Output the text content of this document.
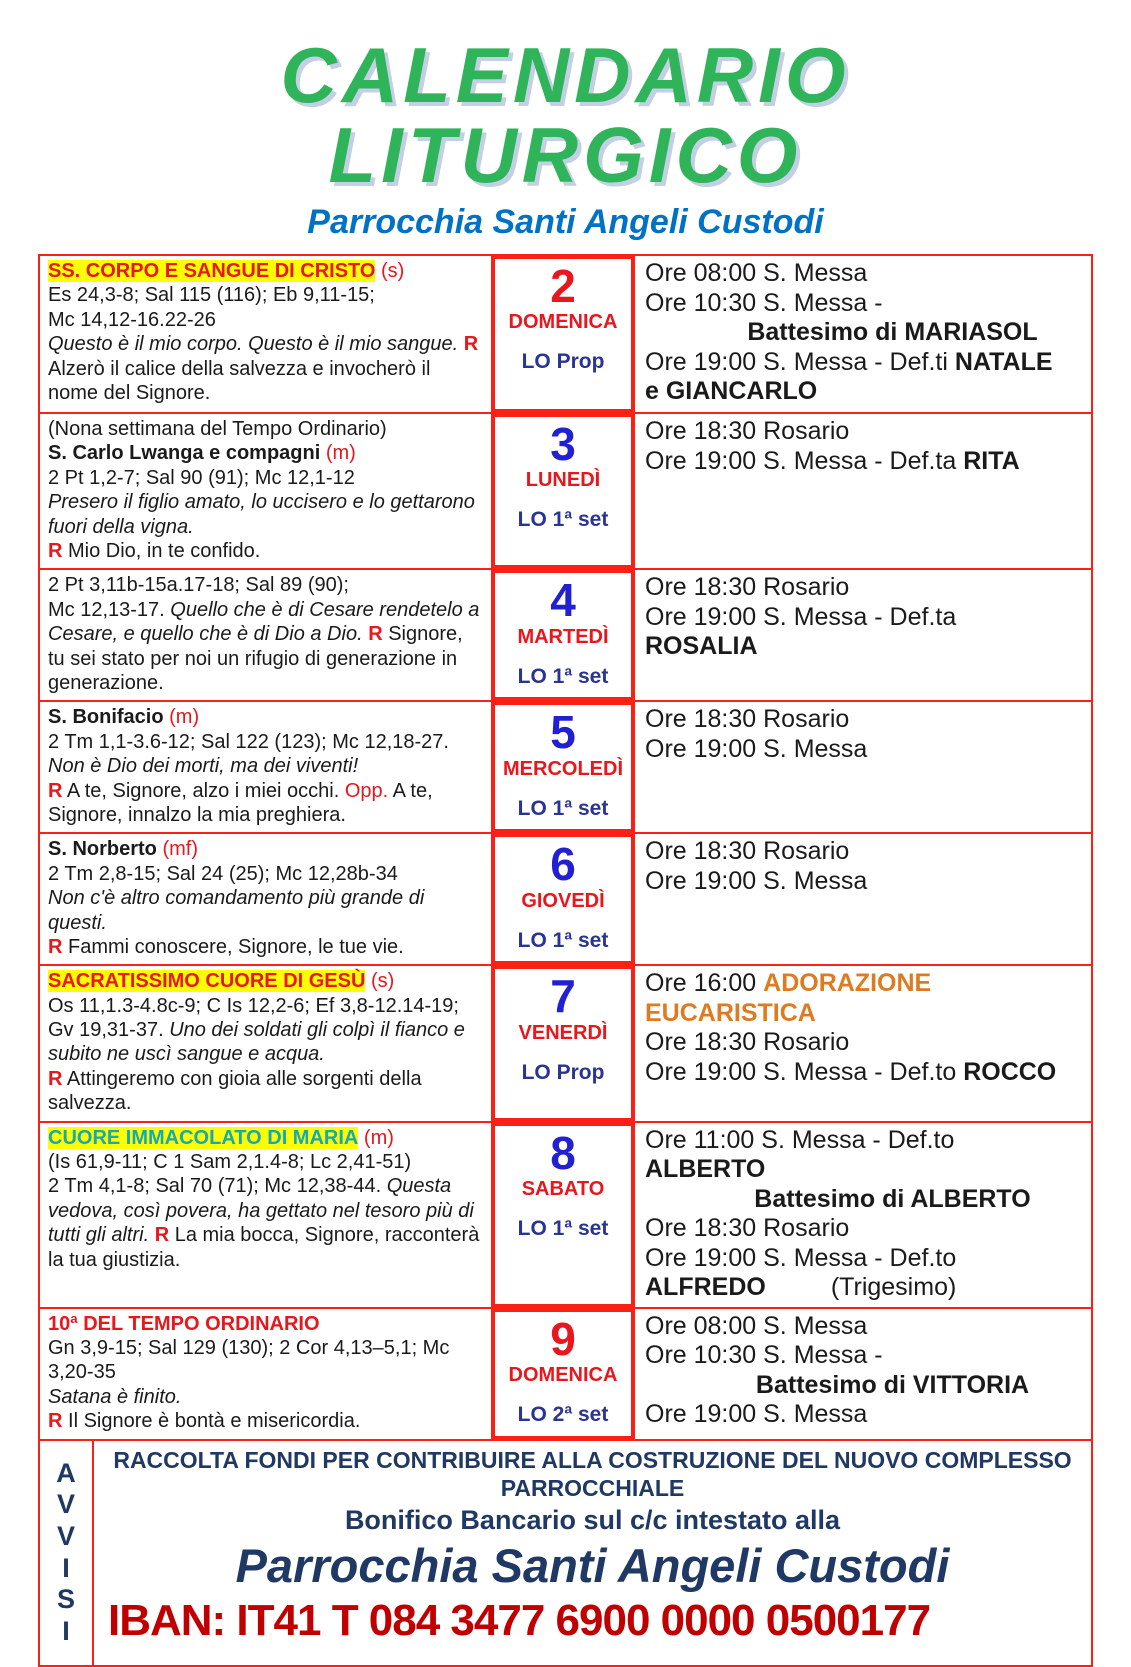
CALENDARIO
LITURGICO
Parrocchia Santi Angeli Custodi
SS. CORPO E SANGUE DI CRISTO (s)
Es 24,3-8; Sal 115 (116); Eb 9,11-15;
Mc 14,12-16.22-26
Questo è il mio corpo. Questo è il mio sangue. R Alzerò il calice della salvezza e invocherò il nome del Signore.
2
DOMENICA
LO Prop
Ore 08:00 S. Messa
Ore 10:30 S. Messa -
Battesimo di MARIASOL
Ore 19:00 S. Messa - Def.ti NATALE
e GIANCARLO
(Nona settimana del Tempo Ordinario)
S. Carlo Lwanga e compagni (m)
2 Pt 1,2-7; Sal 90 (91); Mc 12,1-12
Presero il figlio amato, lo uccisero e lo gettarono fuori della vigna.
R Mio Dio, in te confido.
3
LUNEDÌ
LO 1ª set
Ore 18:30 Rosario
Ore 19:00 S. Messa - Def.ta RITA
2 Pt 3,11b-15a.17-18; Sal 89 (90);
Mc 12,13-17. Quello che è di Cesare rendetelo a Cesare, e quello che è di Dio a Dio. R Signore, tu sei stato per noi un rifugio di generazione in generazione.
4
MARTEDÌ
LO 1ª set
Ore 18:30 Rosario
Ore 19:00 S. Messa - Def.ta
ROSALIA
S. Bonifacio (m)
2 Tm 1,1-3.6-12; Sal 122 (123); Mc 12,18-27. Non è Dio dei morti, ma dei viventi!
R A te, Signore, alzo i miei occhi. Opp. A te, Signore, innalzo la mia preghiera.
5
MERCOLEDÌ
LO 1ª set
Ore 18:30 Rosario
Ore 19:00 S. Messa
S. Norberto (mf)
2 Tm 2,8-15; Sal 24 (25); Mc 12,28b-34
Non c'è altro comandamento più grande di questi.
R Fammi conoscere, Signore, le tue vie.
6
GIOVEDÌ
LO 1ª set
Ore 18:30 Rosario
Ore 19:00 S. Messa
SACRATISSIMO CUORE DI GESÙ (s)
Os 11,1.3-4.8c-9; C Is 12,2-6; Ef 3,8-12.14-19; Gv 19,31-37. Uno dei soldati gli colpì il fianco e subito ne uscì sangue e acqua.
R Attingeremo con gioia alle sorgenti della salvezza.
7
VENERDÌ
LO Prop
Ore 16:00 ADORAZIONE EUCARISTICA
Ore 18:30 Rosario
Ore 19:00 S. Messa - Def.to ROCCO
CUORE IMMACOLATO DI MARIA (m)
(Is 61,9-11; C 1 Sam 2,1.4-8; Lc 2,41-51)
2 Tm 4,1-8; Sal 70 (71); Mc 12,38-44. Questa vedova, così povera, ha gettato nel tesoro più di tutti gli altri. R La mia bocca, Signore, racconterà la tua giustizia.
8
SABATO
LO 1ª set
Ore 11:00 S. Messa - Def.to
ALBERTO
Battesimo di ALBERTO
Ore 18:30 Rosario
Ore 19:00 S. Messa - Def.to
ALFREDO	(Trigesimo)
10ª DEL TEMPO ORDINARIO
Gn 3,9-15; Sal 129 (130); 2 Cor 4,13–5,1; Mc 3,20-35
Satana è finito.
R Il Signore è bontà e misericordia.
9
DOMENICA
LO 2ª set
Ore 08:00 S. Messa
Ore 10:30 S. Messa -
Battesimo di VITTORIA
Ore 19:00 S. Messa
A
V
V
I
S
I
RACCOLTA FONDI PER CONTRIBUIRE ALLA COSTRUZIONE DEL NUOVO COMPLESSO
PARROCCHIALE
Bonifico Bancario sul c/c intestato alla
Parrocchia Santi Angeli Custodi
IBAN: IT41 T 084 3477 6900 0000 0500177
